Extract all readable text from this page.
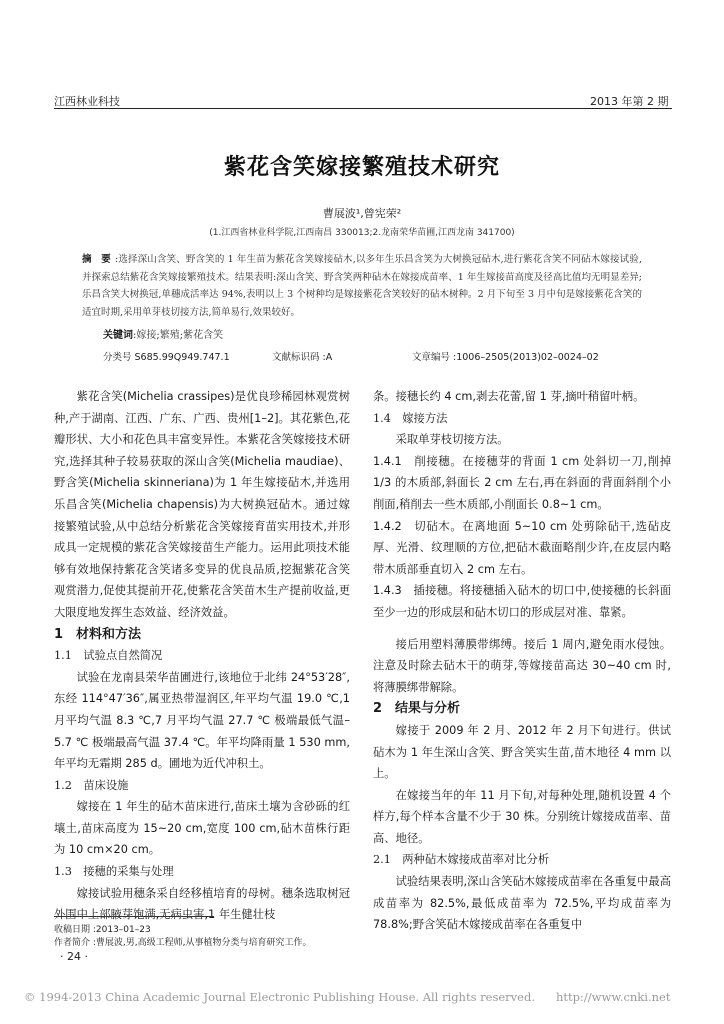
江西林业科技	2013 年第 2 期
紫花含笑嫁接繁殖技术研究
曹展波¹,曾宪荣²
(1.江西省林业科学院,江西南昌 330013;2.龙南荣华苗圃,江西龙南 341700)
摘　要 :选择深山含笑、野含笑的 1 年生苗为紫花含笑嫁接砧木,以多年生乐昌含笑为大树换冠砧木,进行紫花含笑不同砧木嫁接试验,并探索总结紫花含笑嫁接繁殖技术。结果表明:深山含笑、野含笑两种砧木在嫁接成苗率、1 年生嫁接苗高度及径高比值均无明显差异;乐昌含笑大树换冠,单穗成活率达 94%,表明以上 3 个树种均是嫁接紫花含笑较好的砧木树种。2 月下旬至 3 月中旬是嫁接紫花含笑的适宜时期,采用单芽枝切接方法,简单易行,效果较好。
关键词:嫁接;繁殖;紫花含笑
分类号 S685.99Q949.747.1	文献标识码 :A	文章编号 :1006–2505(2013)02–0024–02

紫花含笑(Michelia crassipes)是优良珍稀园林观赏树种,产于湖南、江西、广东、广西、贵州[1–2]。其花紫色,花瓣形状、大小和花色具丰富变异性。本紫花含笑嫁接技术研究,选择其种子较易获取的深山含笑(Michelia maudiae)、野含笑(Michelia skinneriana)为 1 年生嫁接砧木,并选用乐昌含笑(Michelia chapensis)为大树换冠砧木。通过嫁接繁殖试验,从中总结分析紫花含笑嫁接育苗实用技术,并形成具一定规模的紫花含笑嫁接苗生产能力。运用此项技术能够有效地保持紫花含笑诸多变异的优良品质,挖掘紫花含笑观赏潜力,促使其提前开花,使紫花含笑苗木生产提前收益,更大限度地发挥生态效益、经济效益。

1　材料和方法

1.1　试验点自然简况

试验在龙南县荣华苗圃进行,该地位于北纬 24°53′28″,东经 114°47′36″,属亚热带湿润区,年平均气温 19.0 ℃,1 月平均气温 8.3 ℃,7 月平均气温 27.7 ℃ 极端最低气温–5.7 ℃ 极端最高气温 37.4 ℃。年平均降雨量 1 530 mm,年平均无霜期 285 d。圃地为近代冲积土。

1.2　苗床设施

嫁接在 1 年生的砧木苗床进行,苗床土壤为含砂砾的红壤土,苗床高度为 15~20 cm,宽度 100 cm,砧木苗株行距为 10 cm×20 cm。

1.3　接穗的采集与处理

嫁接试验用穗条采自经移植培育的母树。穗条选取树冠外围中上部腋芽饱满,无病虫害,1 年生健壮枝

条。接穗长约 4 cm,剥去花蕾,留 1 芽,摘叶稍留叶柄。

1.4　嫁接方法

采取单芽枝切接方法。

1.4.1　削接穗。在接穗芽的背面 1 cm 处斜切一刀,削掉1/3 的木质部,斜面长 2 cm 左右,再在斜面的背面斜削个小削面,稍削去一些木质部,小削面长 0.8~1 cm。

1.4.2　切砧木。在离地面 5~10 cm 处剪除砧干,选砧皮厚、光滑、纹理顺的方位,把砧木截面略削少许,在皮层内略带木质部垂直切入 2 cm 左右。

1.4.3　插接穗。将接穗插入砧木的切口中,使接穗的长斜面至少一边的形成层和砧木切口的形成层对准、靠紧。

接后用塑料薄膜带绑缚。接后 1 周内,避免雨水侵蚀。注意及时除去砧木干的萌芽,等嫁接苗高达 30~40 cm 时,将薄膜绑带解除。

2　结果与分析

嫁接于 2009 年 2 月、2012 年 2 月下旬进行。供试砧木为 1 年生深山含笑、野含笑实生苗,苗木地径 4 mm 以上。

在嫁接当年的年 11 月下旬,对每种处理,随机设置 4 个样方,每个样本含量不少于 30 株。分别统计嫁接成苗率、苗高、地径。

2.1　两种砧木嫁接成苗率对比分析

试验结果表明,深山含笑砧木嫁接成苗率在各重复中最高成苗率为 82.5%,最低成苗率为 72.5%,平均成苗率为 78.8%;野含笑砧木嫁接成苗率在各重复中

收稿日期 :2013–01–23
作者简介 :曹展波,男,高级工程师,从事植物分类与培育研究工作。
· 24 ·
© 1994-2013 China Academic Journal Electronic Publishing House. All rights reserved. http://www.cnki.net
